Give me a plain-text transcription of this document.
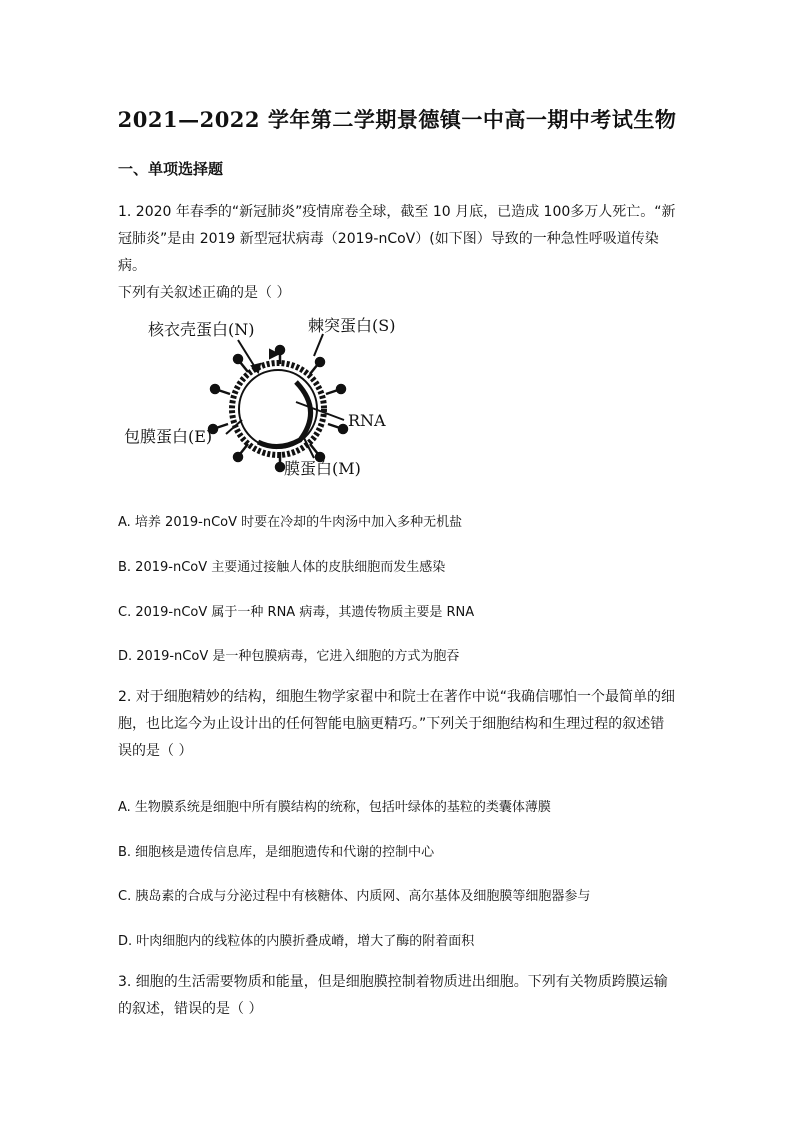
2021—2022 学年第二学期景德镇一中高一期中考试生物
一、单项选择题
1. 2020 年春季的“新冠肺炎”疫情席卷全球，截至 10 月底，已造成 100多万人死亡。“新
冠肺炎”是由 2019 新型冠状病毒（2019-nCoV）(如下图）导致的一种急性呼吸道传染病。
下列有关叙述正确的是（ ）
核衣壳蛋白(N)	棘突蛋白(S)
RNA
包膜蛋白(E)
膜蛋白(M)
A. 培养 2019-nCoV 时要在冷却的牛肉汤中加入多种无机盐
B. 2019-nCoV 主要通过接触人体的皮肤细胞而发生感染
C. 2019-nCoV 属于一种 RNA 病毒，其遗传物质主要是 RNA
D. 2019-nCoV 是一种包膜病毒，它进入细胞的方式为胞吞
2. 对于细胞精妙的结构，细胞生物学家翟中和院士在著作中说“我确信哪怕一个最简单的细
胞，也比迄今为止设计出的任何智能电脑更精巧。”下列关于细胞结构和生理过程的叙述错
误的是（ ）
A. 生物膜系统是细胞中所有膜结构的统称，包括叶绿体的基粒的类囊体薄膜
B. 细胞核是遗传信息库，是细胞遗传和代谢的控制中心
C. 胰岛素的合成与分泌过程中有核糖体、内质网、高尔基体及细胞膜等细胞器参与
D. 叶肉细胞内的线粒体的内膜折叠成嵴，增大了酶的附着面积
3. 细胞的生活需要物质和能量，但是细胞膜控制着物质进出细胞。下列有关物质跨膜运输
的叙述，错误的是（ ）
